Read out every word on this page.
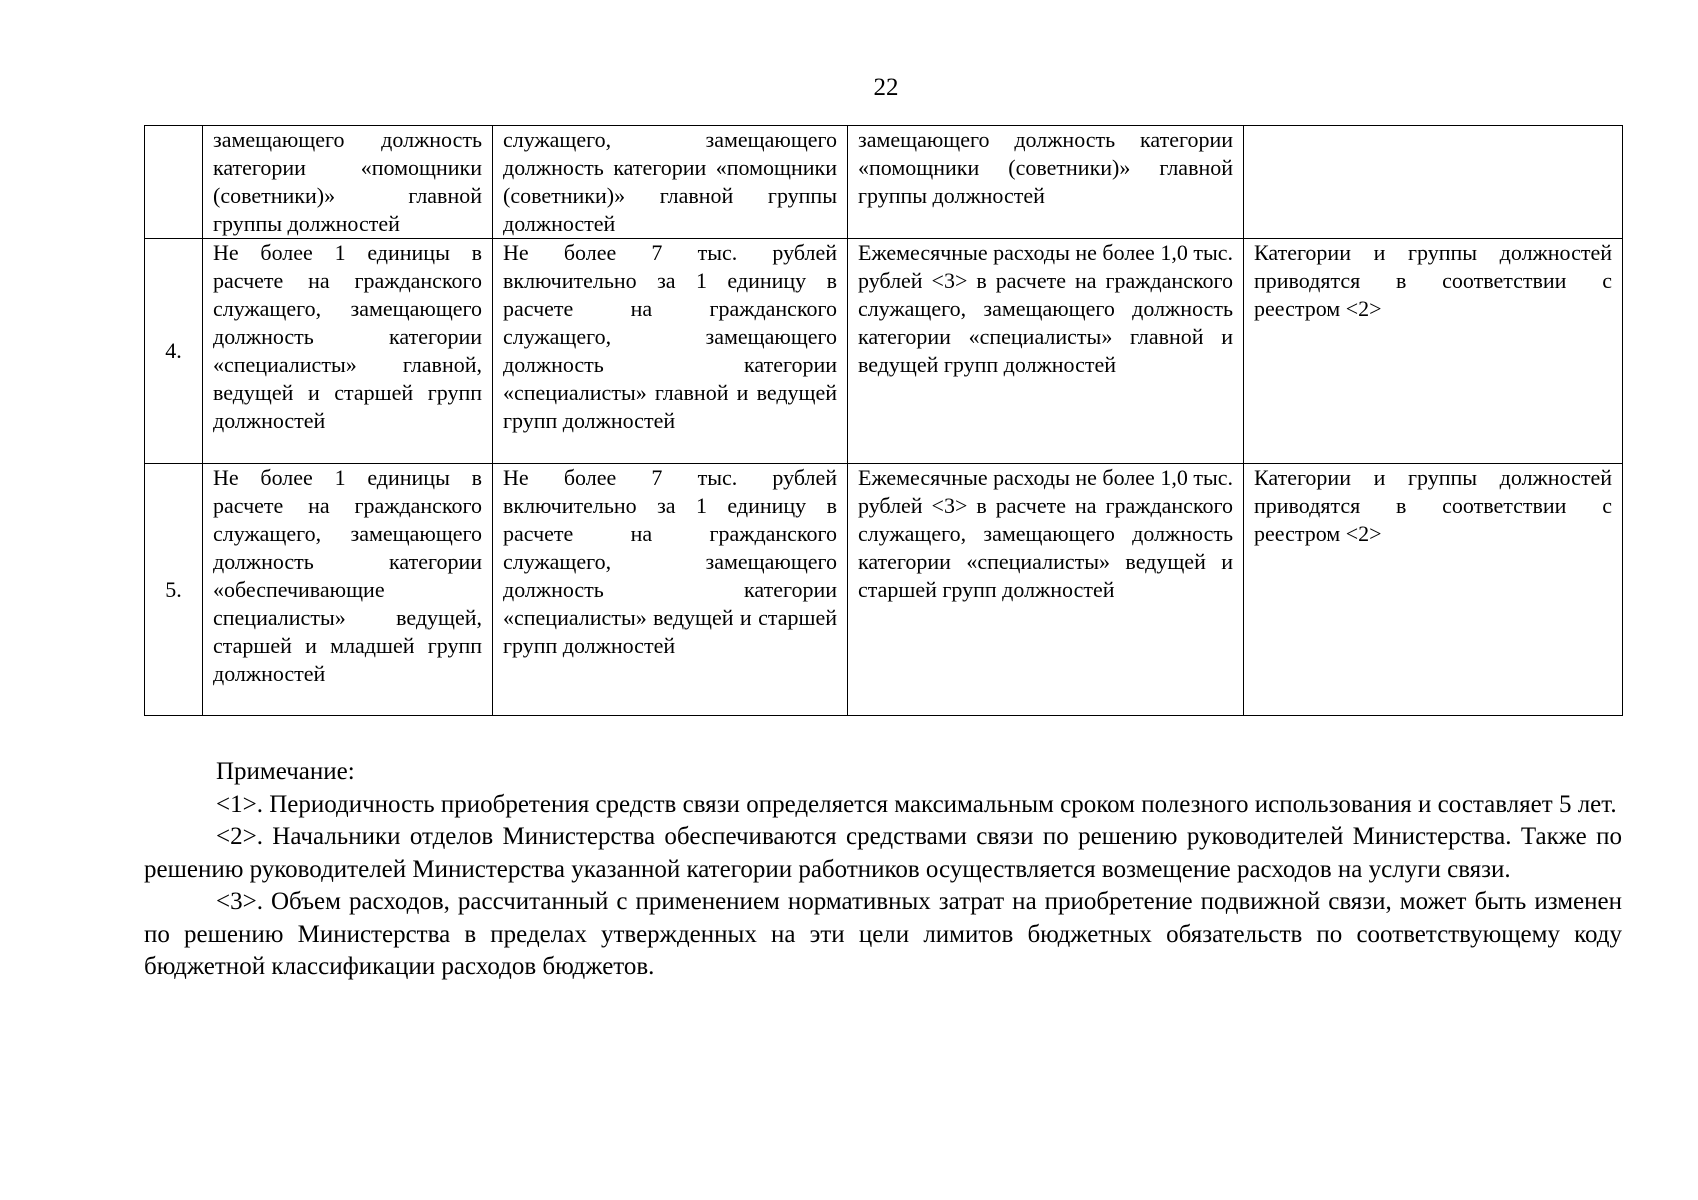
22
	замещающего должность категории «помощники (советники)» главной группы должностей	служащего, замещающего должность категории «помощники (советники)» главной группы должностей	замещающего должность категории «помощники (советники)» главной группы должностей	
4.	Не более 1 единицы в расчете на гражданского служащего, замещающего должность категории «специалисты» главной, ведущей и старшей групп должностей	Не более 7 тыс. рублей включительно за 1 единицу в расчете на гражданского служащего, замещающего должность категории «специалисты» главной и ведущей групп должностей	Ежемесячные расходы не более 1,0 тыс. рублей <3> в расчете на гражданского служащего, замещающего должность категории «специалисты» главной и ведущей групп должностей	Категории и группы должностей приводятся в соответствии с реестром <2>
5.	Не более 1 единицы в расчете на гражданского служащего, замещающего должность категории «обеспечивающие специалисты» ведущей, старшей и младшей групп должностей	Не более 7 тыс. рублей включительно за 1 единицу в расчете на гражданского служащего, замещающего должность категории «специалисты» ведущей и старшей групп должностей	Ежемесячные расходы не более 1,0 тыс. рублей <3> в расчете на гражданского служащего, замещающего должность категории «специалисты» ведущей и старшей групп должностей	Категории и группы должностей приводятся в соответствии с реестром <2>

Примечание:

<1>. Периодичность приобретения средств связи определяется максимальным сроком полезного использования и составляет 5 лет.

<2>. Начальники отделов Министерства обеспечиваются средствами связи по решению руководителей Министерства. Также по решению руководителей Министерства указанной категории работников осуществляется возмещение расходов на услуги связи.

<3>. Объем расходов, рассчитанный с применением нормативных затрат на приобретение подвижной связи, может быть изменен по решению Министерства в пределах утвержденных на эти цели лимитов бюджетных обязательств по соответствующему коду бюджетной классификации расходов бюджетов.
